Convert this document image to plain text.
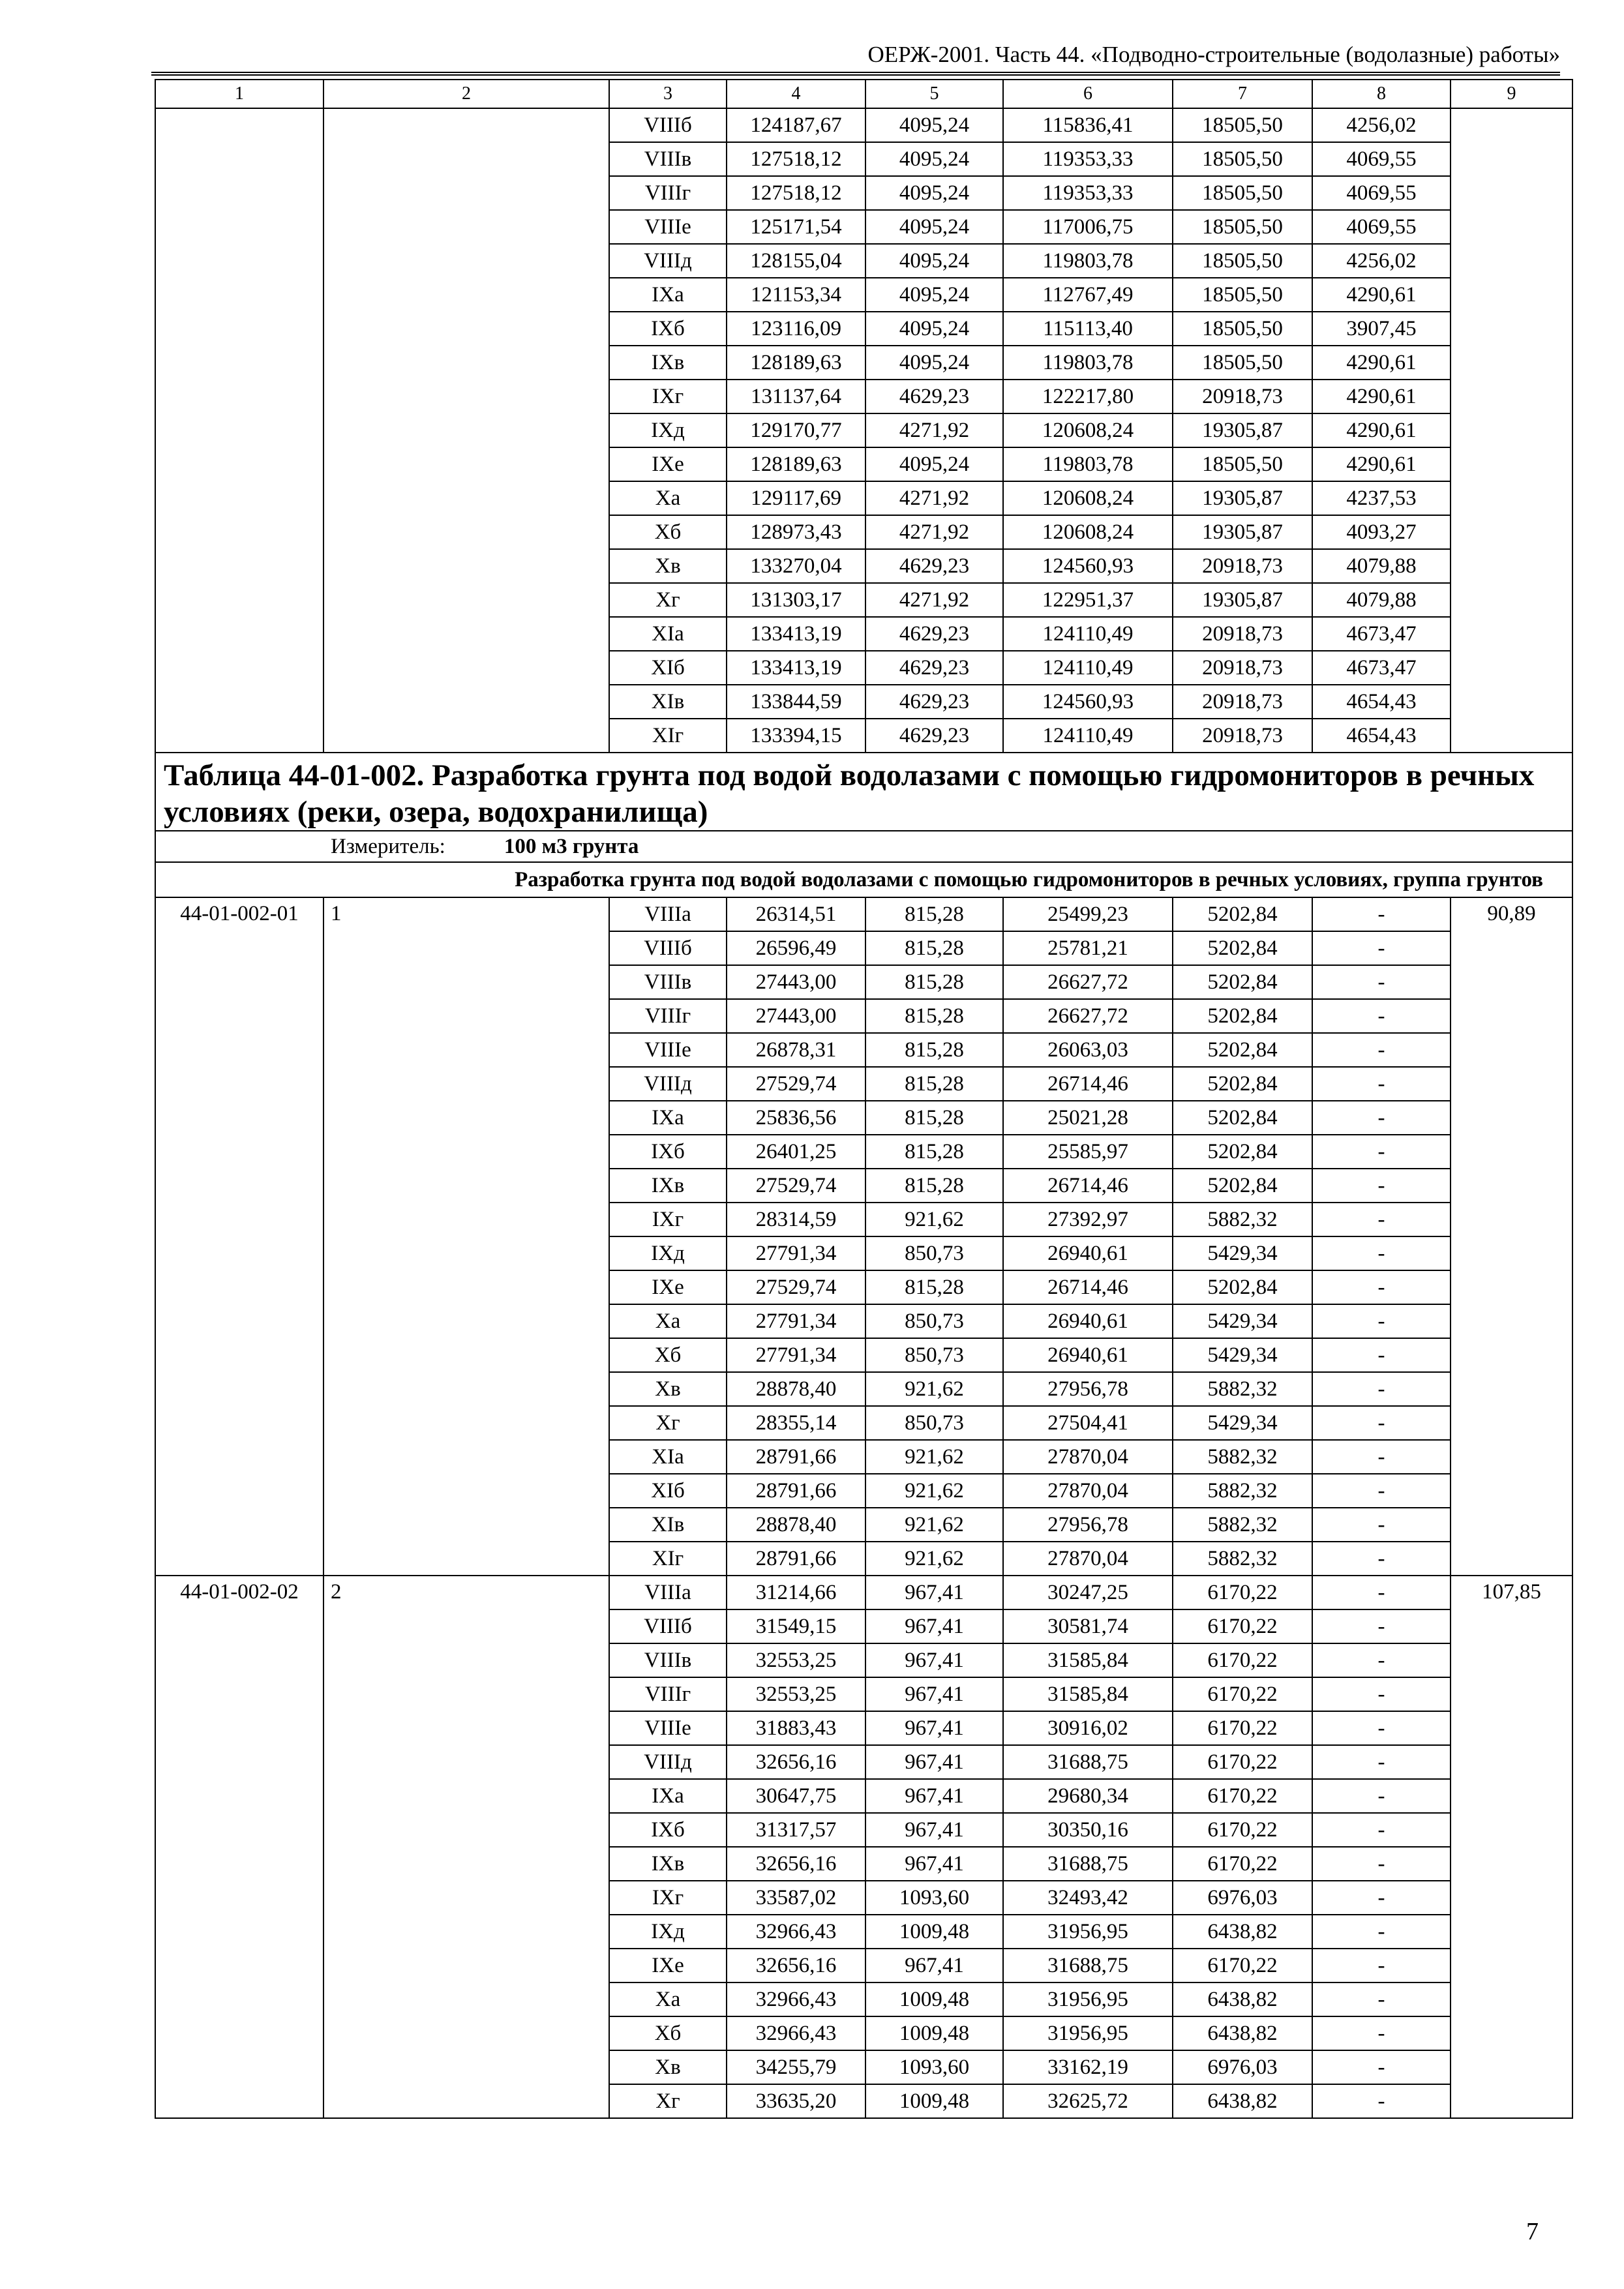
ОЕРЖ-2001. Часть 44. «Подводно-строительные (водолазные) работы»
1	2	3	4	5	6	7	8	9
		VIIIб	124187,67	4095,24	115836,41	18505,50	4256,02	
		VIIIв	127518,12	4095,24	119353,33	18505,50	4069,55	
		VIIIг	127518,12	4095,24	119353,33	18505,50	4069,55	
		VIIIе	125171,54	4095,24	117006,75	18505,50	4069,55	
		VIIIд	128155,04	4095,24	119803,78	18505,50	4256,02	
		IXа	121153,34	4095,24	112767,49	18505,50	4290,61	
		IXб	123116,09	4095,24	115113,40	18505,50	3907,45	
		IXв	128189,63	4095,24	119803,78	18505,50	4290,61	
		IXг	131137,64	4629,23	122217,80	20918,73	4290,61	
		IXд	129170,77	4271,92	120608,24	19305,87	4290,61	
		IXе	128189,63	4095,24	119803,78	18505,50	4290,61	
		Xа	129117,69	4271,92	120608,24	19305,87	4237,53	
		Xб	128973,43	4271,92	120608,24	19305,87	4093,27	
		Xв	133270,04	4629,23	124560,93	20918,73	4079,88	
		Xг	131303,17	4271,92	122951,37	19305,87	4079,88	
		XIа	133413,19	4629,23	124110,49	20918,73	4673,47	
		XIб	133413,19	4629,23	124110,49	20918,73	4673,47	
		XIв	133844,59	4629,23	124560,93	20918,73	4654,43	
		XIг	133394,15	4629,23	124110,49	20918,73	4654,43	
Таблица 44-01-002. Разработка грунта под водой водолазами с помощью гидромониторов в речных условиях (реки, озера, водохранилища)								
Измеритель: 100 м3 грунта								
Разработка грунта под водой водолазами с помощью гидромониторов в речных условиях, группа грунтов								
44-01-002-01	1	VIIIа	26314,51	815,28	25499,23	5202,84	-	90,89
		VIIIб	26596,49	815,28	25781,21	5202,84	-	
		VIIIв	27443,00	815,28	26627,72	5202,84	-	
		VIIIг	27443,00	815,28	26627,72	5202,84	-	
		VIIIе	26878,31	815,28	26063,03	5202,84	-	
		VIIIд	27529,74	815,28	26714,46	5202,84	-	
		IXа	25836,56	815,28	25021,28	5202,84	-	
		IXб	26401,25	815,28	25585,97	5202,84	-	
		IXв	27529,74	815,28	26714,46	5202,84	-	
		IXг	28314,59	921,62	27392,97	5882,32	-	
		IXд	27791,34	850,73	26940,61	5429,34	-	
		IXе	27529,74	815,28	26714,46	5202,84	-	
		Xа	27791,34	850,73	26940,61	5429,34	-	
		Xб	27791,34	850,73	26940,61	5429,34	-	
		Xв	28878,40	921,62	27956,78	5882,32	-	
		Xг	28355,14	850,73	27504,41	5429,34	-	
		XIа	28791,66	921,62	27870,04	5882,32	-	
		XIб	28791,66	921,62	27870,04	5882,32	-	
		XIв	28878,40	921,62	27956,78	5882,32	-	
		XIг	28791,66	921,62	27870,04	5882,32	-	
44-01-002-02	2	VIIIа	31214,66	967,41	30247,25	6170,22	-	107,85
		VIIIб	31549,15	967,41	30581,74	6170,22	-	
		VIIIв	32553,25	967,41	31585,84	6170,22	-	
		VIIIг	32553,25	967,41	31585,84	6170,22	-	
		VIIIе	31883,43	967,41	30916,02	6170,22	-	
		VIIIд	32656,16	967,41	31688,75	6170,22	-	
		IXа	30647,75	967,41	29680,34	6170,22	-	
		IXб	31317,57	967,41	30350,16	6170,22	-	
		IXв	32656,16	967,41	31688,75	6170,22	-	
		IXг	33587,02	1093,60	32493,42	6976,03	-	
		IXд	32966,43	1009,48	31956,95	6438,82	-	
		IXе	32656,16	967,41	31688,75	6170,22	-	
		Xа	32966,43	1009,48	31956,95	6438,82	-	
		Xб	32966,43	1009,48	31956,95	6438,82	-	
		Xв	34255,79	1093,60	33162,19	6976,03	-	
		Xг	33635,20	1009,48	32625,72	6438,82	-	
7
